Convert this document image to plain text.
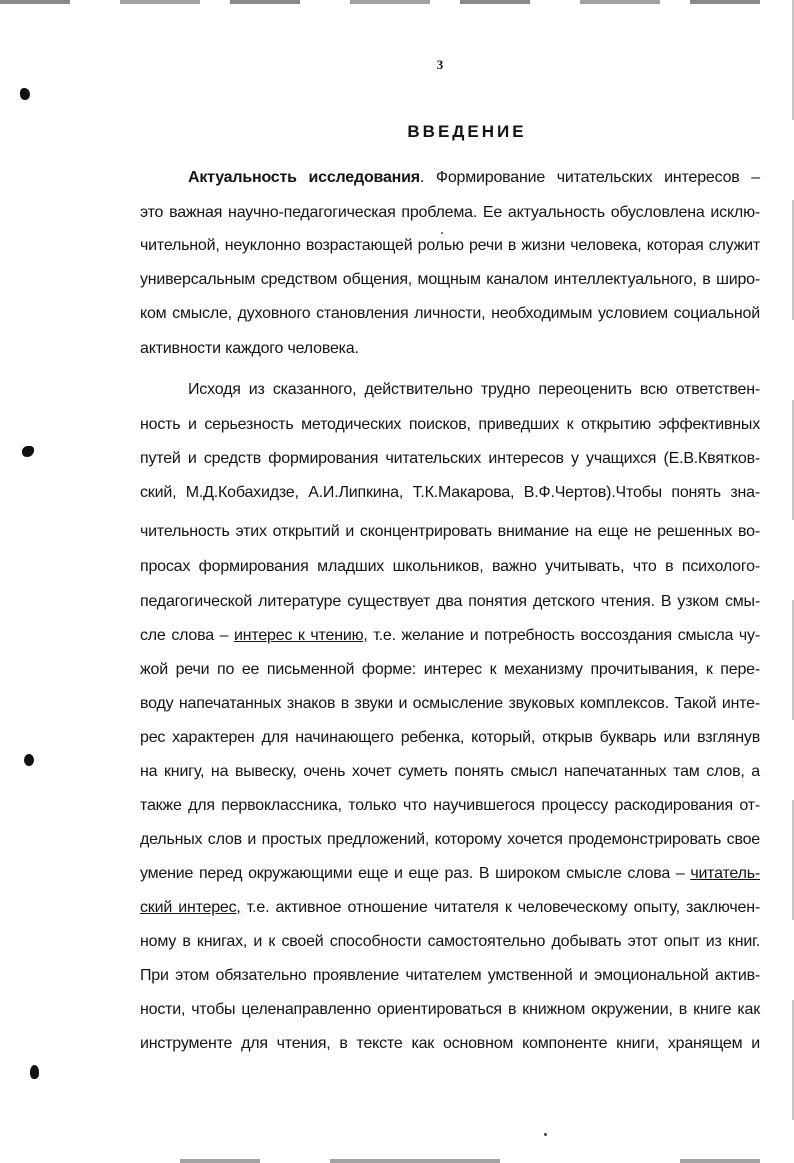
3
ВВЕДЕНИЕ
Актуальность исследования. Формирование читательских интересов –
это важная научно-педагогическая проблема. Ее актуальность обусловлена исклю-
чительной, неуклонно возрастающей ролью речи в жизни человека, которая служит
универсальным средством общения, мощным каналом интеллектуального, в широ-
ком смысле, духовного становления личности, необходимым условием социальной
активности каждого человека.
Исходя из сказанного, действительно трудно переоценить всю ответствен-
ность и серьезность методических поисков, приведших к открытию эффективных
путей и средств формирования читательских интересов у учащихся (Е.В.Квятков-
ский, М.Д.Кобахидзе, А.И.Липкина, Т.К.Макарова, В.Ф.Чертов).Чтобы понять зна-
чительность этих открытий и сконцентрировать внимание на еще не решенных во-
просах формирования младших школьников, важно учитывать, что в психолого-
педагогической литературе существует два понятия детского чтения. В узком смы-
сле слова – интерес к чтению, т.е. желание и потребность воссоздания смысла чу-
жой речи по ее письменной форме: интерес к механизму прочитывания, к пере-
воду напечатанных знаков в звуки и осмысление звуковых комплексов. Такой инте-
рес характерен для начинающего ребенка, который, открыв букварь или взглянув
на книгу, на вывеску, очень хочет суметь понять смысл напечатанных там слов, а
также для первоклассника, только что научившегося процессу раскодирования от-
дельных слов и простых предложений, которому хочется продемонстрировать свое
умение перед окружающими еще и еще раз. В широком смысле слова – читатель-
ский интерес, т.е. активное отношение читателя к человеческому опыту, заключен-
ному в книгах, и к своей способности самостоятельно добывать этот опыт из книг.
При этом обязательно проявление читателем умственной и эмоциональной актив-
ности, чтобы целенаправленно ориентироваться в книжном окружении, в книге как
инструменте для чтения, в тексте как основном компоненте книги, хранящем и
